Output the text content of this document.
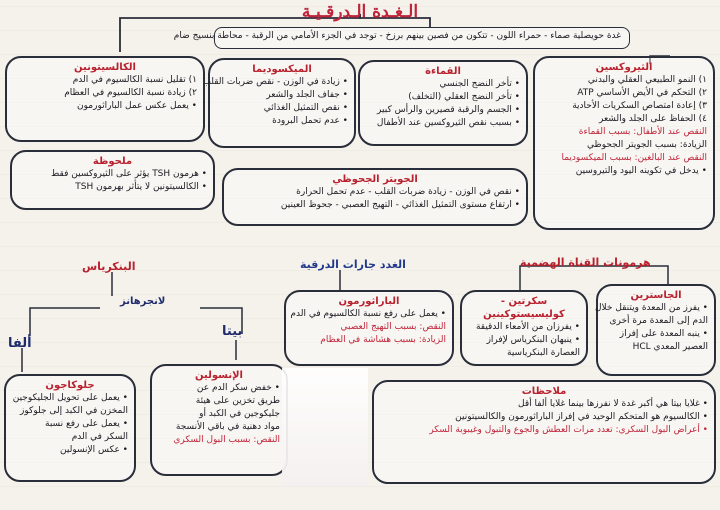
الـغـدة الـدرقـيـة
غدة حويصلية صماء - حمراء اللون - تتكون من فصين بينهم برزخ - توجد في الجزء الأمامي من الرقبة - محاطة بنسيج ضام
الثيروكسين
١) النمو الطبيعي العقلي والبدني
٢) التحكم في الأيض الأساسي ATP
٣) إعادة امتصاص السكريات الأحادية
٤) الحفاظ على الجلد والشعر
النقص عند الأطفال: بسبب القماءة
الزيادة: بسبب الجويتر الجحوظي
النقص عند البالغين: بسبب الميكسوديما
• يدخل في تكوينه اليود والتيروسين
القماءة
• تأخر النضج الجنسي
• تأخر النضج العقلي (التخلف)
• الجسم والرقبة قصيرين والرأس كبير
• بسبب نقص الثيروكسين عند الأطفال
الميكسوديما
• زيادة في الوزن - نقص ضربات القلب
• جفاف الجلد والشعر
• نقص التمثيل الغذائي
• عدم تحمل البرودة
الكالسيتونين
١) تقليل نسبة الكالسيوم في الدم
٢) زيادة نسبة الكالسيوم في العظام
• يعمل عكس عمل الباراثورمون
ملحوظة
• هرمون TSH يؤثر على الثيروكسين فقط
• الكالسيتونين لا يتأثر بهرمون TSH
الجويتر الجحوظي
• نقص في الوزن - زيادة ضربات القلب - عدم تحمل الحرارة
• ارتفاع مستوى التمثيل الغذائي - التهيج العصبي - جحوظ العينين
البنكرياس
لانجرهانز
بيتا
ألفا
جلوكاجون
• يعمل على تحويل الجليكوجين
المخزن في الكبد إلى جلوكوز
• يعمل على رفع نسبة
السكر في الدم
• عكس الإنسولين
الإنسولين
• خفض سكر الدم عن
طريق تخزين على هيئة
جليكوجين في الكبد أو
مواد دهنية في باقي الأنسجة
النقص: بسبب البول السكري
الغدد جارات الدرقية
الباراثورمون
• يعمل على رفع نسبة الكالسيوم في الدم
النقص: بسبب التهيج العصبي
الزيادة: بسبب هشاشة في العظام
هرمونات القناة الهضمية
سكرتين - كوليسيستوكينين
• يفرزان من الأمعاء الدقيقة
• ينبهان البنكرياس لإفراز
العصارة البنكرياسية
الجاسترين
• يفرز من المعدة ويتنقل خلال
الدم إلى المعدة مرة أخرى
• ينبه المعدة على إفراز
العصير المعدي HCL
ملاحظات
• غلايا بيتا هي أكبر غدة لا نفرزها بينما غلايا ألفا أقل
• الكالسيوم هو المتحكم الوحيد في إفراز الباراثورمون والكالسيتونين
• أعراض البول السكري: تعدد مرات العطش والجوع والتبول وغيبوبة السكر
